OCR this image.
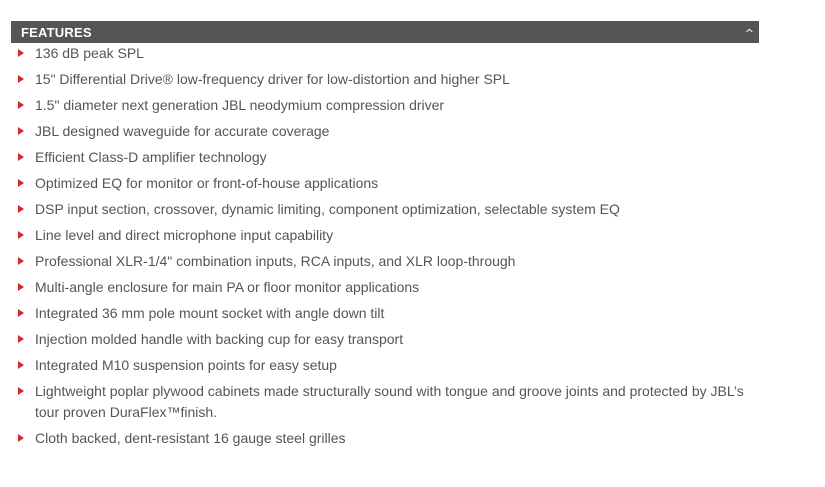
FEATURES	^
136 dB peak SPL
15" Differential Drive® low-frequency driver for low-distortion and higher SPL
1.5" diameter next generation JBL neodymium compression driver
JBL designed waveguide for accurate coverage
Efficient Class-D amplifier technology
Optimized EQ for monitor or front-of-house applications
DSP input section, crossover, dynamic limiting, component optimization, selectable system EQ
Line level and direct microphone input capability
Professional XLR-1/4" combination inputs, RCA inputs, and XLR loop-through
Multi-angle enclosure for main PA or floor monitor applications
Integrated 36 mm pole mount socket with angle down tilt
Injection molded handle with backing cup for easy transport
Integrated M10 suspension points for easy setup
Lightweight poplar plywood cabinets made structurally sound with tongue and groove joints and protected by JBL’s tour proven DuraFlex™finish.
Cloth backed, dent-resistant 16 gauge steel grilles
